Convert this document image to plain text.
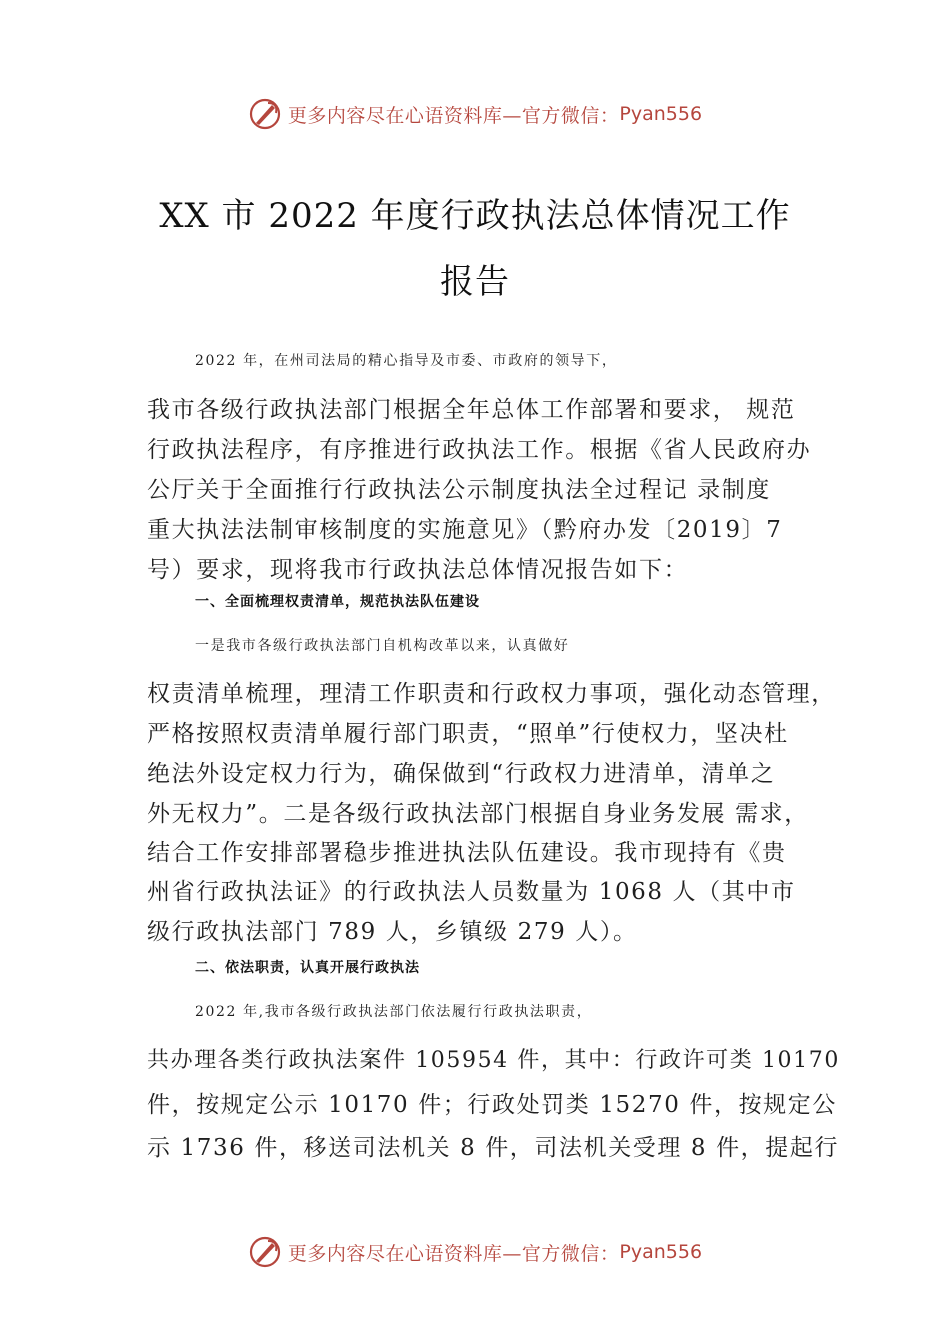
更多内容尽在心语资料库—官方微信： Pyan556
XX 市 2022 年度行政执法总体情况工作
报告
2022 年，在州司法局的精心指导及市委、市政府的领导下，
我市各级行政执法部门根据全年总体工作部署和要求， 规范
行政执法程序，有序推进行政执法工作。根据《省人民政府办
公厅关于全面推行行政执法公示制度执法全过程记 录制度
重大执法法制审核制度的实施意见》（黔府办发〔2019〕7
号）要求，现将我市行政执法总体情况报告如下：
一、全面梳理权责清单，规范执法队伍建设
一是我市各级行政执法部门自机构改革以来，认真做好
权责清单梳理，理清工作职责和行政权力事项，强化动态管理，
严格按照权责清单履行部门职责，“照单”行使权力，坚决杜
绝法外设定权力行为，确保做到“行政权力进清单，清单之
外无权力”。二是各级行政执法部门根据自身业务发展 需求，
结合工作安排部署稳步推进执法队伍建设。我市现持有《贵
州省行政执法证》的行政执法人员数量为 1068 人（其中市
级行政执法部门 789 人，乡镇级 279 人）。
二、依法职责，认真开展行政执法
2022 年,我市各级行政执法部门依法履行行政执法职责，
共办理各类行政执法案件 105954 件，其中：行政许可类 10170
件，按规定公示 10170 件；行政处罚类 15270 件，按规定公
示 1736 件，移送司法机关 8 件，司法机关受理 8 件，提起行
更多内容尽在心语资料库—官方微信： Pyan556
